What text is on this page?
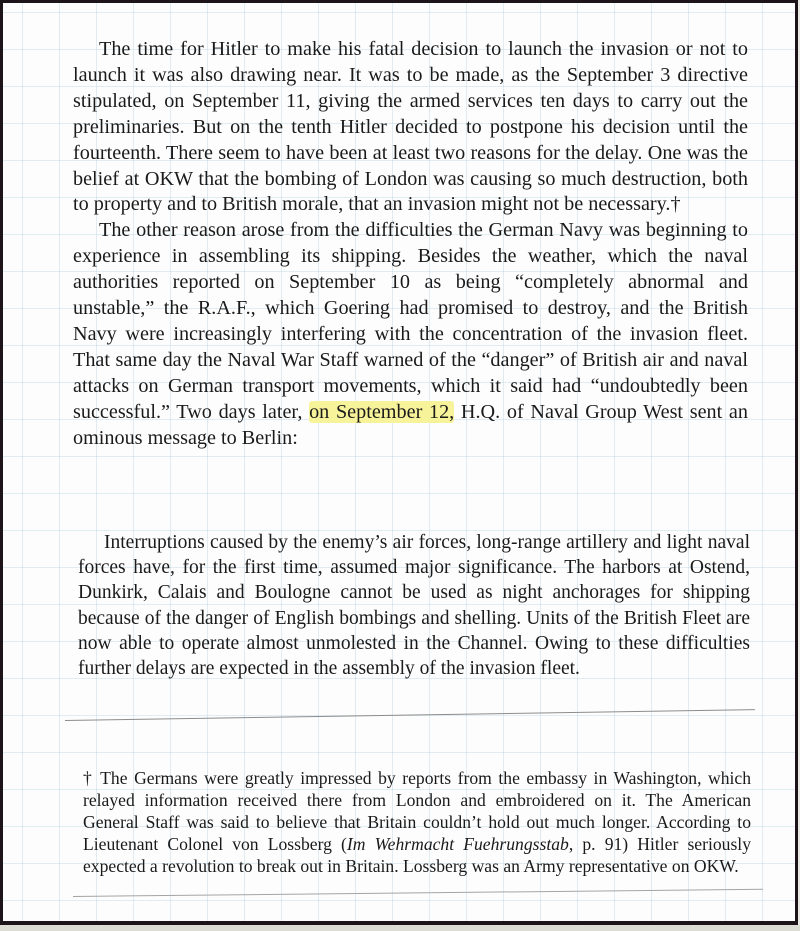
The time for Hitler to make his fatal decision to launch the invasion or not to launch it was also drawing near. It was to be made, as the September 3 directive stipulated, on September 11, giving the armed services ten days to carry out the preliminaries. But on the tenth Hitler decided to postpone his decision until the fourteenth. There seem to have been at least two reasons for the delay. One was the belief at OKW that the bombing of London was causing so much destruction, both to property and to British morale, that an invasion might not be necessary.†

The other reason arose from the difficulties the German Navy was beginning to experience in assembling its shipping. Besides the weather, which the naval authorities reported on September 10 as being “completely abnormal and unstable,” the R.A.F., which Goering had promised to destroy, and the British Navy were increasingly interfering with the concentration of the invasion fleet. That same day the Naval War Staff warned of the “danger” of British air and naval attacks on German transport movements, which it said had “undoubtedly been successful.” Two days later, on September 12, H.Q. of Naval Group West sent an ominous message to Berlin:

Interruptions caused by the enemy’s air forces, long-range artillery and light naval forces have, for the first time, assumed major significance. The harbors at Ostend, Dunkirk, Calais and Boulogne cannot be used as night anchorages for shipping because of the danger of English bombings and shelling. Units of the British Fleet are now able to operate almost unmolested in the Channel. Owing to these difficulties further delays are expected in the assembly of the invasion fleet.

† The Germans were greatly impressed by reports from the embassy in Washington, which relayed information received there from London and embroidered on it. The American General Staff was said to believe that Britain couldn’t hold out much longer. According to Lieutenant Colonel von Lossberg (Im Wehrmacht Fuehrungsstab, p. 91) Hitler seriously expected a revolution to break out in Britain. Lossberg was an Army representative on OKW.
